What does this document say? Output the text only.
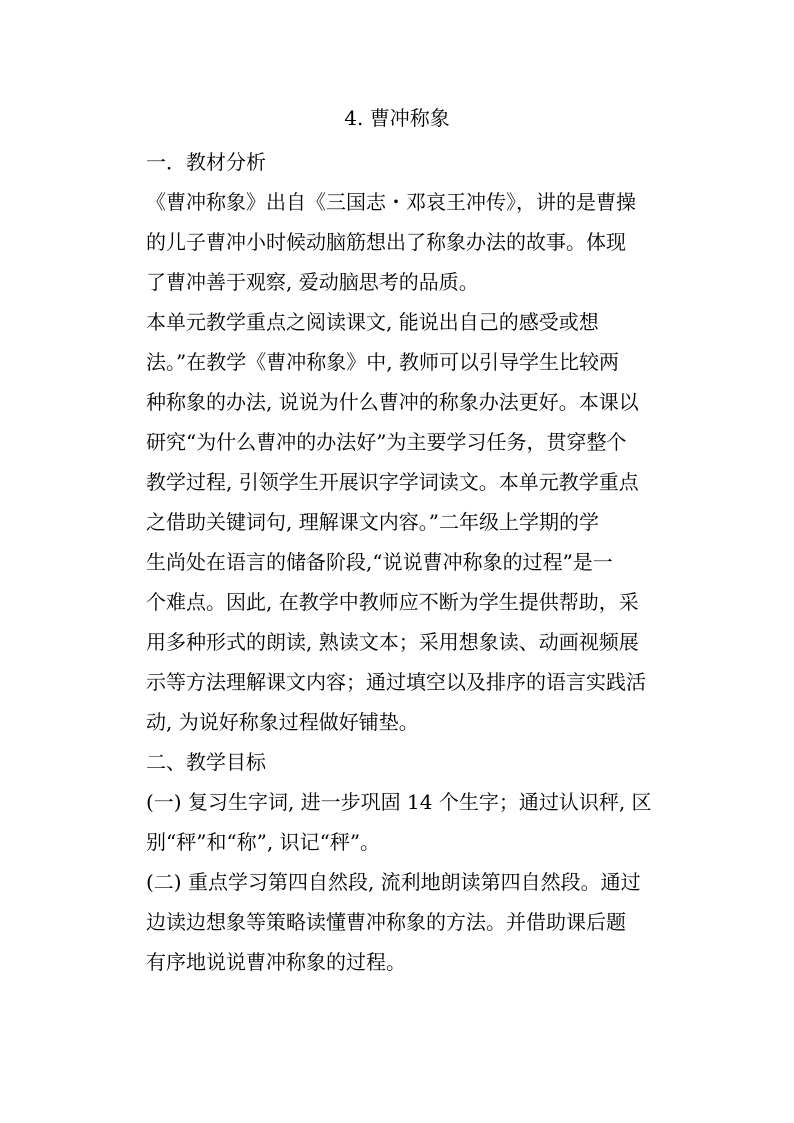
4. 曹冲称象
一．教材分析
《曹冲称象》出自《三国志・邓哀王冲传》，讲的是曹操
的儿子曹冲小时候动脑筋想出了称象办法的故事。体现
了曹冲善于观察, 爱动脑思考的品质。
本单元教学重点之阅读课文, 能说出自己的感受或想
法。”在教学《曹冲称象》中, 教师可以引导学生比较两
种称象的办法, 说说为什么曹冲的称象办法更好。本课以
研究“为什么曹冲的办法好”为主要学习任务，贯穿整个
教学过程, 引领学生开展识字学词读文。本单元教学重点
之借助关键词句, 理解课文内容。”二年级上学期的学
生尚处在语言的储备阶段,“说说曹冲称象的过程”是一
个难点。因此, 在教学中教师应不断为学生提供帮助，采
用多种形式的朗读, 熟读文本；采用想象读、动画视频展
示等方法理解课文内容；通过填空以及排序的语言实践活
动, 为说好称象过程做好铺垫。
二、教学目标
(一) 复习生字词, 进一步巩固 14 个生字；通过认识秤, 区
别“秤”和“称”, 识记“秤”。
(二) 重点学习第四自然段, 流利地朗读第四自然段。通过
边读边想象等策略读懂曹冲称象的方法。并借助课后题
有序地说说曹冲称象的过程。
